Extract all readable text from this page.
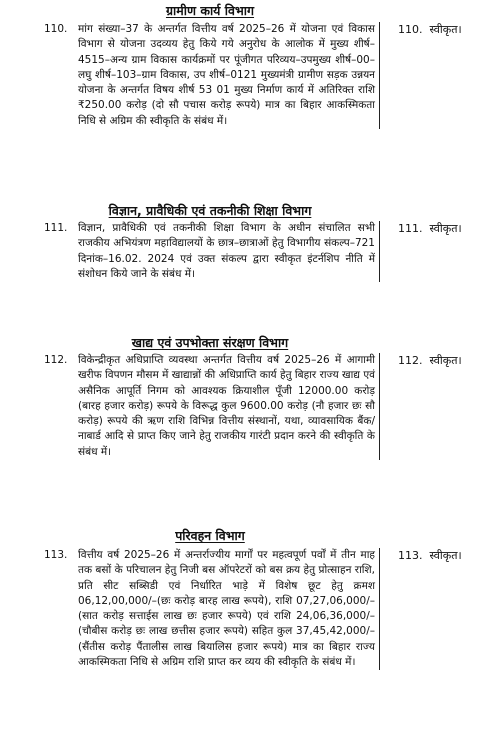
ग्रामीण कार्य विभाग
110.	मांग संख्या–37 के अन्तर्गत वित्तीय वर्ष 2025–26 में योजना एवं विकास विभाग से योजना उदव्यय हेतु किये गये अनुरोध के आलोक में मुख्य शीर्ष–4515–अन्य ग्राम विकास कार्यक्रमों पर पूंजीगत परिव्यय–उपमुख्य शीर्ष–00–लघु शीर्ष–103–ग्राम विकास, उप शीर्ष–0121 मुख्यमंत्री ग्रामीण सड़क उन्नयन योजना के अन्तर्गत विषय शीर्ष 53 01 मुख्य निर्माण कार्य में अतिरिक्त राशि ₹250.00 करोड़ (दो सौ पचास करोड़ रूपये) मात्र का बिहार आकस्मिकता निधि से अग्रिम की स्वीकृति के संबंध में।

110. स्वीकृत।
विज्ञान, प्रावैधिकी एवं तकनीकी शिक्षा विभाग
111.	विज्ञान, प्रावैधिकी एवं तकनीकी शिक्षा विभाग के अधीन संचालित सभी राजकीय अभियंत्रण महाविद्यालयों के छात्र–छात्राओं हेतु विभागीय संकल्प–721 दिनांक–16.02. 2024 एवं उक्त संकल्प द्वारा स्वीकृत इंटर्नशिप नीति में संशोधन किये जाने के संबंध में।

111. स्वीकृत।
खाद्य एवं उपभोक्ता संरक्षण विभाग
112.	विकेन्द्रीकृत अधिप्राप्ति व्यवस्था अन्तर्गत वित्तीय वर्ष 2025–26 में आगामी खरीफ विपणन मौसम में खाद्यान्नों की अधिप्राप्ति कार्य हेतु बिहार राज्य खाद्य एवं असैनिक आपूर्ति निगम को आवश्यक क्रियाशील पूँजी 12000.00 करोड़ (बारह हजार करोड़) रूपये के विरूद्ध कुल 9600.00 करोड़ (नौ हजार छः सौ करोड़) रूपये की ऋण राशि विभिन्न वित्तीय संस्थानों, यथा, व्यावसायिक बैंक/नाबार्ड आदि से प्राप्त किए जाने हेतु राजकीय गारंटी प्रदान करने की स्वीकृति के संबंध में।

112. स्वीकृत।
परिवहन विभाग
113.	वित्तीय वर्ष 2025–26 में अन्तर्राज्यीय मार्गों पर महत्वपूर्ण पर्वों में तीन माह तक बसों के परिचालन हेतु निजी बस ऑपरेटरों को बस क्रय हेतु प्रोत्साहन राशि, प्रति सीट सब्सिडी एवं निर्धारित भाड़े में विशेष छूट हेतु क्रमश 06,12,00,000/–(छः करोड़ बारह लाख रूपये), राशि 07,27,06,000/–(सात करोड़ सत्ताईस लाख छः हजार रूपये) एवं राशि 24,06,36,000/–(चौबीस करोड़ छः लाख छत्तीस हजार रूपये) सहित कुल 37,45,42,000/–(सैंतीस करोड़ पैंतालीस लाख बियालिस हजार रूपये) मात्र का बिहार राज्य आकस्मिकता निधि से अग्रिम राशि प्राप्त कर व्यय की स्वीकृति के संबंध में।

113. स्वीकृत।
